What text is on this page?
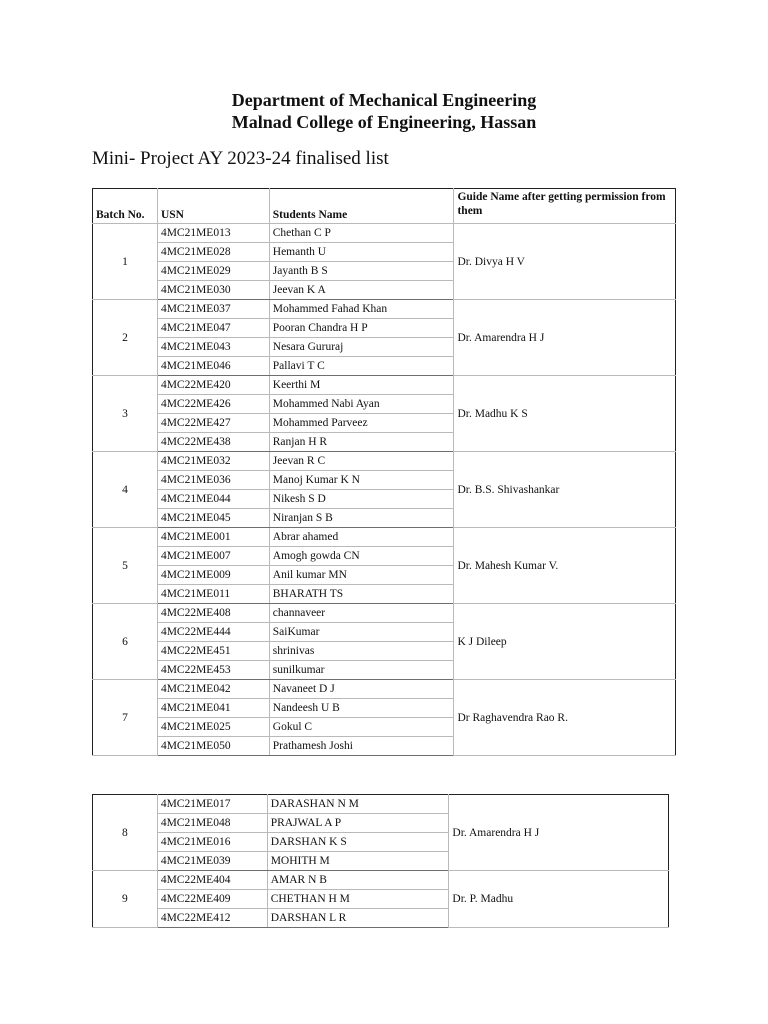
Department of Mechanical Engineering
Malnad College of Engineering, Hassan
Mini- Project AY 2023-24 finalised list
Batch No.	USN	Students Name	Guide Name after getting permission from them
1	4MC21ME013	Chethan C P	Dr. Divya H V
	4MC21ME028	Hemanth U	
	4MC21ME029	Jayanth B S	
	4MC21ME030	Jeevan K A	
2	4MC21ME037	Mohammed Fahad Khan	Dr. Amarendra H J
	4MC21ME047	Pooran Chandra H P	
	4MC21ME043	Nesara Gururaj	
	4MC21ME046	Pallavi T C	
3	4MC22ME420	Keerthi M	Dr. Madhu K S
	4MC22ME426	Mohammed Nabi Ayan	
	4MC22ME427	Mohammed Parveez	
	4MC22ME438	Ranjan H R	
4	4MC21ME032	Jeevan R C	Dr. B.S. Shivashankar
	4MC21ME036	Manoj Kumar K N	
	4MC21ME044	Nikesh S D	
	4MC21ME045	Niranjan S B	
5	4MC21ME001	Abrar ahamed	Dr. Mahesh Kumar V.
	4MC21ME007	Amogh gowda CN	
	4MC21ME009	Anil kumar MN	
	4MC21ME011	BHARATH TS	
6	4MC22ME408	channaveer	K J Dileep
	4MC22ME444	SaiKumar	
	4MC22ME451	shrinivas	
	4MC22ME453	sunilkumar	
7	4MC21ME042	Navaneet D J	Dr Raghavendra Rao R.
	4MC21ME041	Nandeesh U B	
	4MC21ME025	Gokul C	
	4MC21ME050	Prathamesh Joshi	
8	4MC21ME017	DARASHAN N M	Dr. Amarendra H J
	4MC21ME048	PRAJWAL A P	
	4MC21ME016	DARSHAN K S	
	4MC21ME039	MOHITH M	
9	4MC22ME404	AMAR N B	Dr. P. Madhu
	4MC22ME409	CHETHAN H M	
	4MC22ME412	DARSHAN L R	
